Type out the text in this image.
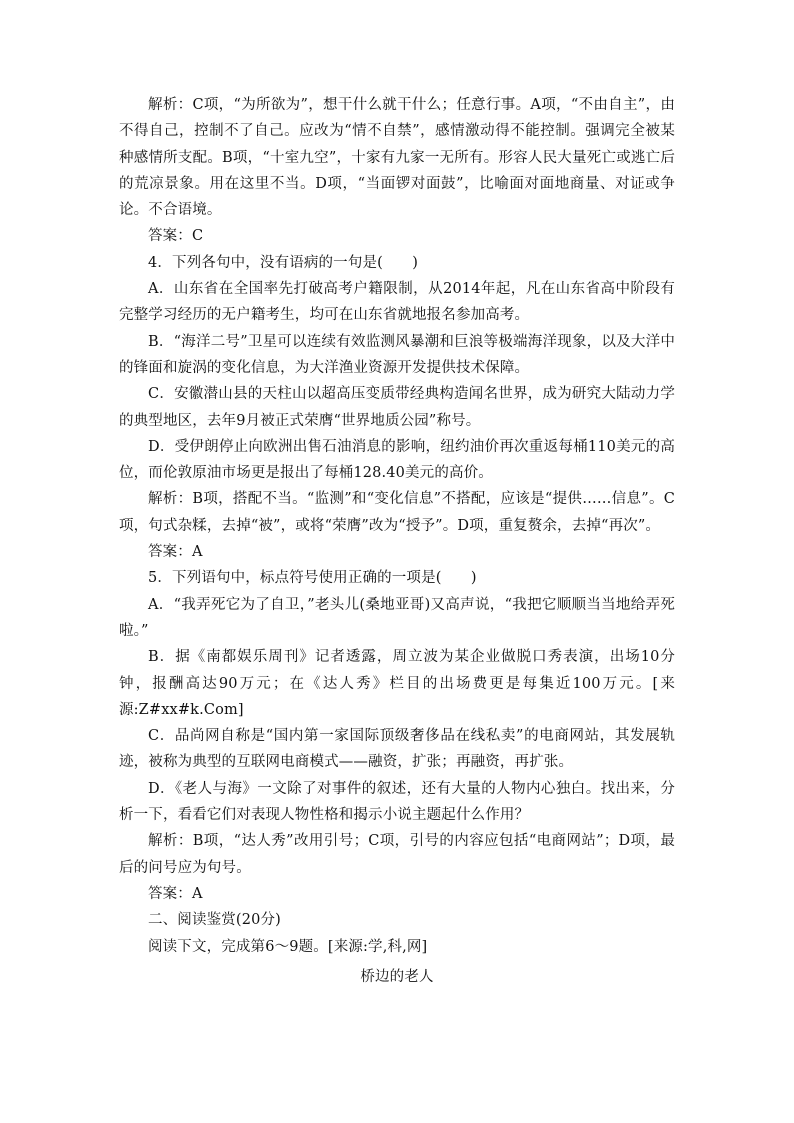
解析：C项，“为所欲为”，想干什么就干什么；任意行事。A项，“不由自主”，由不得自己，控制不了自己。应改为“情不自禁”，感情激动得不能控制。强调完全被某种感情所支配。B项，“十室九空”，十家有九家一无所有。形容人民大量死亡或逃亡后的荒凉景象。用在这里不当。D项，“当面锣对面鼓”，比喻面对面地商量、对证或争论。不合语境。

答案：C

4．下列各句中，没有语病的一句是(　　)

A．山东省在全国率先打破高考户籍限制，从2014年起，凡在山东省高中阶段有完整学习经历的无户籍考生，均可在山东省就地报名参加高考。

B．“海洋二号”卫星可以连续有效监测风暴潮和巨浪等极端海洋现象，以及大洋中的锋面和旋涡的变化信息，为大洋渔业资源开发提供技术保障。

C．安徽潜山县的天柱山以超高压变质带经典构造闻名世界，成为研究大陆动力学的典型地区，去年9月被正式荣膺“世界地质公园”称号。

D．受伊朗停止向欧洲出售石油消息的影响，纽约油价再次重返每桶110美元的高位，而伦敦原油市场更是报出了每桶128.40美元的高价。

解析：B项，搭配不当。“监测”和“变化信息”不搭配，应该是“提供……信息”。C项，句式杂糅，去掉“被”，或将“荣膺”改为“授予”。D项，重复赘余，去掉“再次”。

答案：A

5．下列语句中，标点符号使用正确的一项是(　　)

A．“我弄死它为了自卫，”老头儿(桑地亚哥)又高声说，“我把它顺顺当当地给弄死啦。”

B．据《南都娱乐周刊》记者透露，周立波为某企业做脱口秀表演，出场10分钟，报酬高达90万元；在《达人秀》栏目的出场费更是每集近100万元。[来源:Z#xx#k.Com]

C．品尚网自称是“国内第一家国际顶级奢侈品在线私卖”的电商网站，其发展轨迹，被称为典型的互联网电商模式——融资，扩张；再融资，再扩张。

D．《老人与海》一文除了对事件的叙述，还有大量的人物内心独白。找出来，分析一下，看看它们对表现人物性格和揭示小说主题起什么作用？

解析：B项，“达人秀”改用引号；C项，引号的内容应包括“电商网站”；D项，最后的问号应为句号。

答案：A

二、阅读鉴赏(20分)

阅读下文，完成第6～9题。[来源:学,科,网]

桥边的老人
